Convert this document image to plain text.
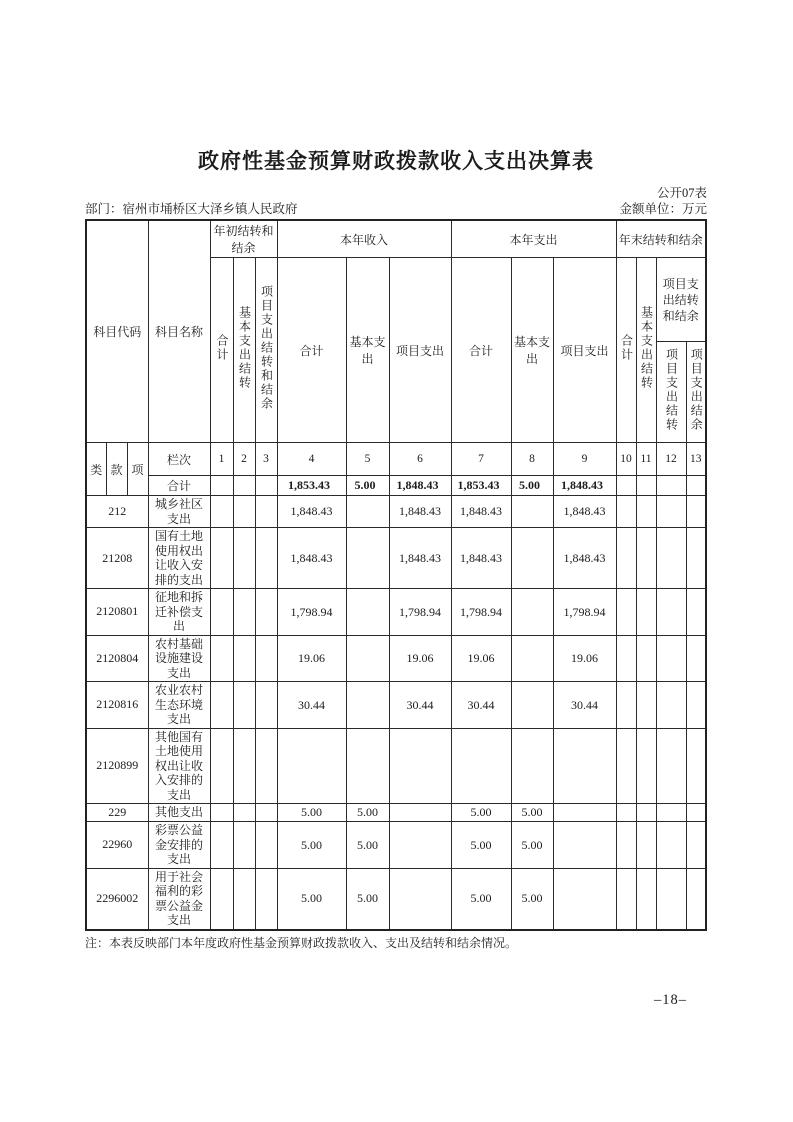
政府性基金预算财政拨款收入支出决算表
公开07表
部门：宿州市埇桥区大泽乡镇人民政府	金额单位：万元
科目代码			科目名称	年初结转和结余			本年收入			本年支出			年末结转和结余			
				合计	基本支出结转	项目支出结转和结余	合计	基本支出	项目支出	合计	基本支出	项目支出	合计	基本支出结转	项目支出结转和结余	
															项目支出结转	项目支出结余
类	款	项	栏次	1	2	3	4	5	6	7	8	9	10	11	12	13
			合计				1,853.43	5.00	1,848.43	1,853.43	5.00	1,848.43				
212			城乡社区支出				1,848.43		1,848.43	1,848.43		1,848.43				
21208			国有土地使用权出让收入安排的支出				1,848.43		1,848.43	1,848.43		1,848.43				
2120801			征地和拆迁补偿支出				1,798.94		1,798.94	1,798.94		1,798.94				
2120804			农村基础设施建设支出				19.06		19.06	19.06		19.06				
2120816			农业农村生态环境支出				30.44		30.44	30.44		30.44				
2120899			其他国有土地使用权出让收入安排的支出													
229			其他支出				5.00	5.00		5.00	5.00					
22960			彩票公益金安排的支出				5.00	5.00		5.00	5.00					
2296002			用于社会福利的彩票公益金支出				5.00	5.00		5.00	5.00					
注：本表反映部门本年度政府性基金预算财政拨款收入、支出及结转和结余情况。
–18–
